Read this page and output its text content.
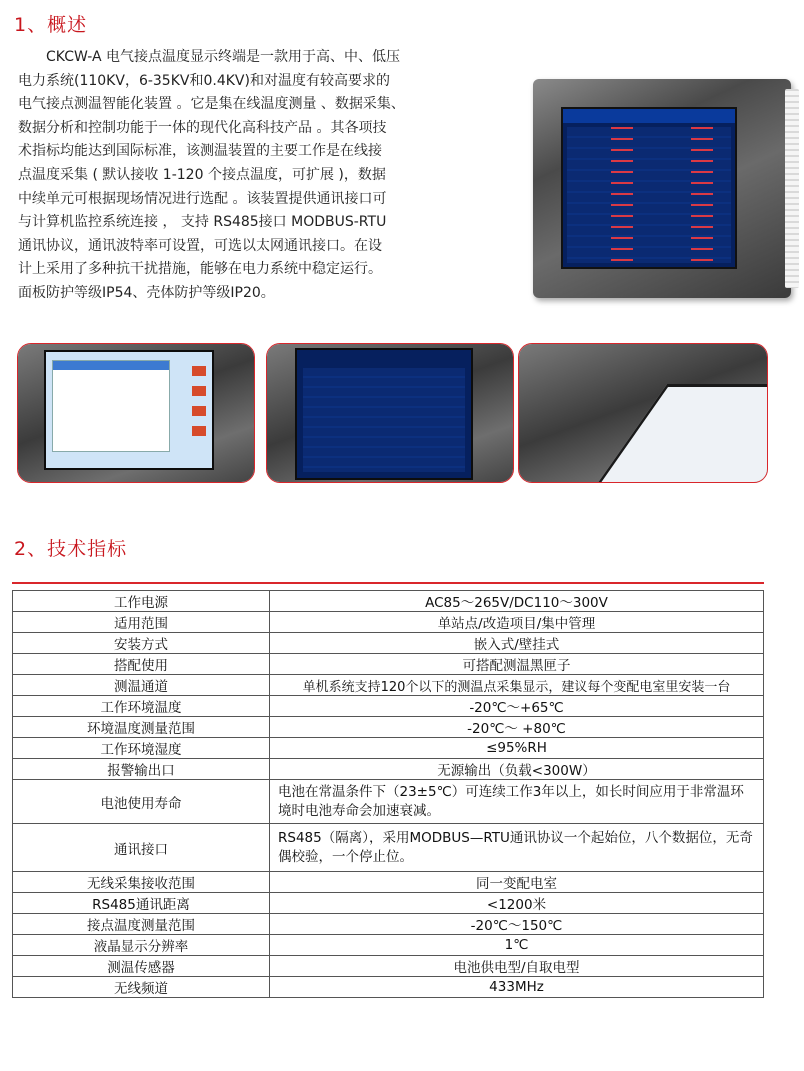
1、概述
CKCW-A 电气接点温度显示终端是一款用于高、中、低压
电力系统(110KV，6-35KV和0.4KV)和对温度有较高要求的
电气接点测温智能化装置 。它是集在线温度测量 、数据采集、
数据分析和控制功能于一体的现代化高科技产品 。其各项技
术指标均能达到国际标准，该测温装置的主要工作是在线接
点温度采集 ( 默认接收 1-120 个接点温度，可扩展 )，数据
中续单元可根据现场情况进行选配 。该装置提供通讯接口可
与计算机监控系统连接 ， 支持 RS485接口 MODBUS-RTU
通讯协议，通讯波特率可设置，可选以太网通讯接口。在设
计上采用了多种抗干扰措施，能够在电力系统中稳定运行。
面板防护等级IP54、壳体防护等级IP20。
2、技术指标
工作电源	AC85～265V/DC110～300V
适用范围	单站点/改造项目/集中管理
安装方式	嵌入式/壁挂式
搭配使用	可搭配测温黑匣子
测温通道	单机系统支持120个以下的测温点采集显示，建议每个变配电室里安装一台
工作环境温度	-20℃～+65℃
环境温度测量范围	-20℃～ +80℃
工作环境湿度	≤95%RH
报警输出口	无源输出（负载<300W）
电池使用寿命	电池在常温条件下（23±5℃）可连续工作3年以上，如长时间应用于非常温环境时电池寿命会加速衰减。
通讯接口	RS485（隔离），采用MODBUS—RTU通讯协议一个起始位，八个数据位，无奇偶校验，一个停止位。
无线采集接收范围	同一变配电室
RS485通讯距离	<1200米
接点温度测量范围	-20℃～150℃
液晶显示分辨率	1℃
测温传感器	电池供电型/自取电型
无线频道	433MHz
